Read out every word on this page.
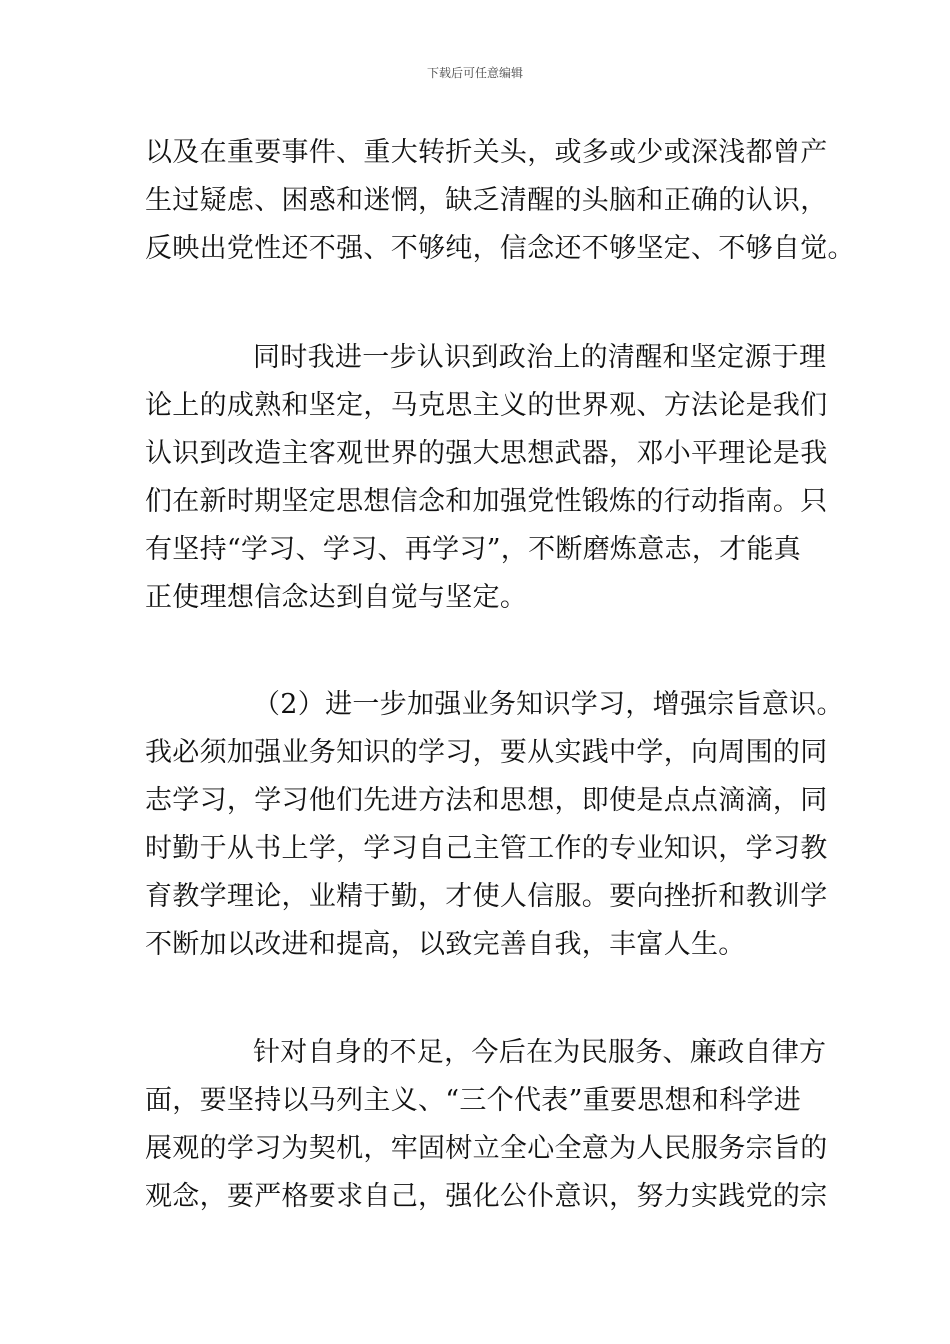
下载后可任意编辑
以及在重要事件、重大转折关头，或多或少或深浅都曾产
生过疑虑、困惑和迷惘，缺乏清醒的头脑和正确的认识，
反映出党性还不强、不够纯，信念还不够坚定、不够自觉。
同时我进一步认识到政治上的清醒和坚定源于理
论上的成熟和坚定，马克思主义的世界观、方法论是我们
认识到改造主客观世界的强大思想武器，邓小平理论是我
们在新时期坚定思想信念和加强党性锻炼的行动指南。只
有坚持“学习、学习、再学习”，不断磨炼意志，才能真
正使理想信念达到自觉与坚定。
（2）进一步加强业务知识学习，增强宗旨意识。
我必须加强业务知识的学习，要从实践中学，向周围的同
志学习，学习他们先进方法和思想，即使是点点滴滴，同
时勤于从书上学，学习自己主管工作的专业知识，学习教
育教学理论，业精于勤，才使人信服。要向挫折和教训学
不断加以改进和提高，以致完善自我，丰富人生。
针对自身的不足，今后在为民服务、廉政自律方
面，要坚持以马列主义、“三个代表”重要思想和科学进
展观的学习为契机，牢固树立全心全意为人民服务宗旨的
观念，要严格要求自己，强化公仆意识，努力实践党的宗
